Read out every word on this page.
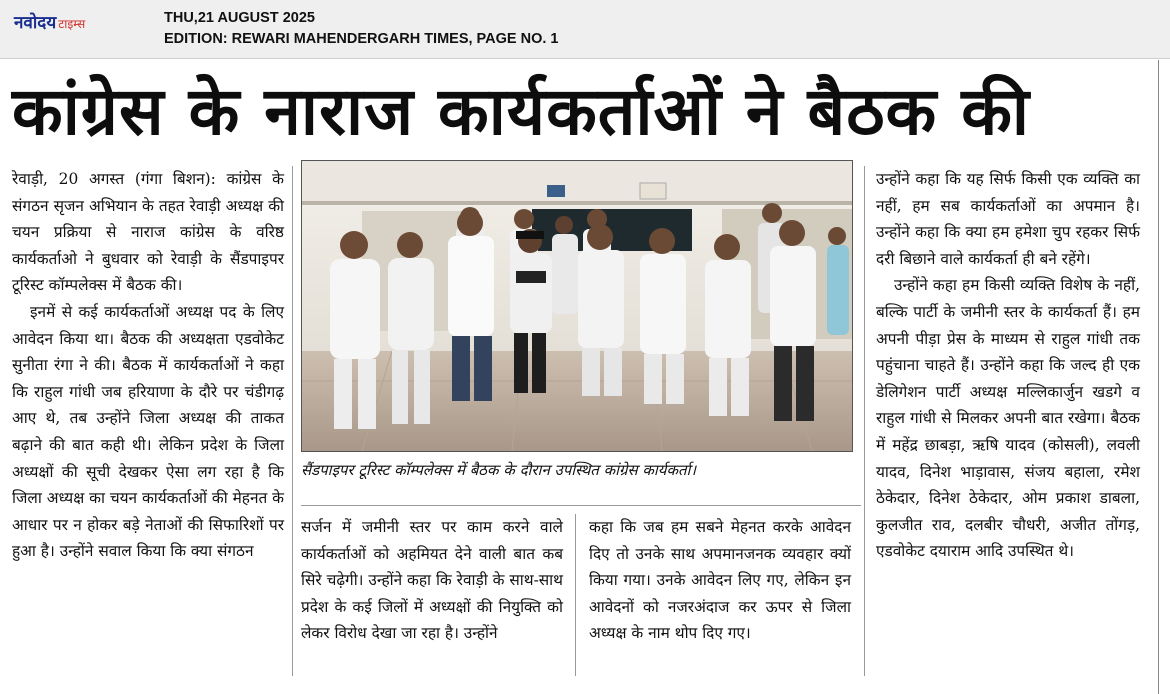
नवोदय टाइम्स	THU,21 AUGUST 2025
EDITION: REWARI MAHENDERGARH TIMES, PAGE NO. 1
कांग्रेस के नाराज कार्यकर्ताओं ने बैठक की

रेवाड़ी, 20 अगस्त (गंगा बिशन): कांग्रेस के संगठन सृजन अभियान के तहत रेवाड़ी अध्यक्ष की चयन प्रक्रिया से नाराज कांग्रेस के वरिष्ठ कार्यकर्ताओ ने बुधवार को रेवाड़ी के सैंडपाइपर टूरिस्ट कॉम्पलेक्स में बैठक की।

इनमें से कई कार्यकर्ताओं अध्यक्ष पद के लिए आवेदन किया था। बैठक की अध्यक्षता एडवोकेट सुनीता रंगा ने की। बैठक में कार्यकर्ताओं ने कहा कि राहुल गांधी जब हरियाणा के दौरे पर चंडीगढ़ आए थे, तब उन्होंने जिला अध्यक्ष की ताकत बढ़ाने की बात कही थी। लेकिन प्रदेश के जिला अध्यक्षों की सूची देखकर ऐसा लग रहा है कि जिला अध्यक्ष का चयन कार्यकर्ताओं की मेहनत के आधार पर न होकर बड़े नेताओं की सिफारिशों पर हुआ है। उन्होंने सवाल किया कि क्या संगठन

सैंडपाइपर टूरिस्ट कॉम्पलेक्स में बैठक के दौरान उपस्थित कांग्रेस कार्यकर्ता।

सर्जन में जमीनी स्तर पर काम करने वाले कार्यकर्ताओं को अहमियत देने वाली बात कब सिरे चढ़ेगी। उन्होंने कहा कि रेवाड़ी के साथ-साथ प्रदेश के कई जिलों में अध्यक्षों की नियुक्ति को लेकर विरोध देखा जा रहा है। उन्होंने

कहा कि जब हम सबने मेहनत करके आवेदन दिए तो उनके साथ अपमानजनक व्यवहार क्यों किया गया। उनके आवेदन लिए गए, लेकिन इन आवेदनों को नजरअंदाज कर ऊपर से जिला अध्यक्ष के नाम थोप दिए गए।

उन्होंने कहा कि यह सिर्फ किसी एक व्यक्ति का नहीं, हम सब कार्यकर्ताओं का अपमान है। उन्होंने कहा कि क्या हम हमेशा चुप रहकर सिर्फ दरी बिछाने वाले कार्यकर्ता ही बने रहेंगे।

उन्होंने कहा हम किसी व्यक्ति विशेष के नहीं, बल्कि पार्टी के जमीनी स्तर के कार्यकर्ता हैं। हम अपनी पीड़ा प्रेस के माध्यम से राहुल गांधी तक पहुंचाना चाहते हैं। उन्होंने कहा कि जल्द ही एक डेलिगेशन पार्टी अध्यक्ष मल्लिकार्जुन खडगे व राहुल गांधी से मिलकर अपनी बात रखेगा। बैठक में महेंद्र छाबड़ा, ऋषि यादव (कोसली), लवली यादव, दिनेश भाड़ावास, संजय बहाला, रमेश ठेकेदार, दिनेश ठेकेदार, ओम प्रकाश डाबला, कुलजीत राव, दलबीर चौधरी, अजीत तोंगड़, एडवोकेट दयाराम आदि उपस्थित थे।
